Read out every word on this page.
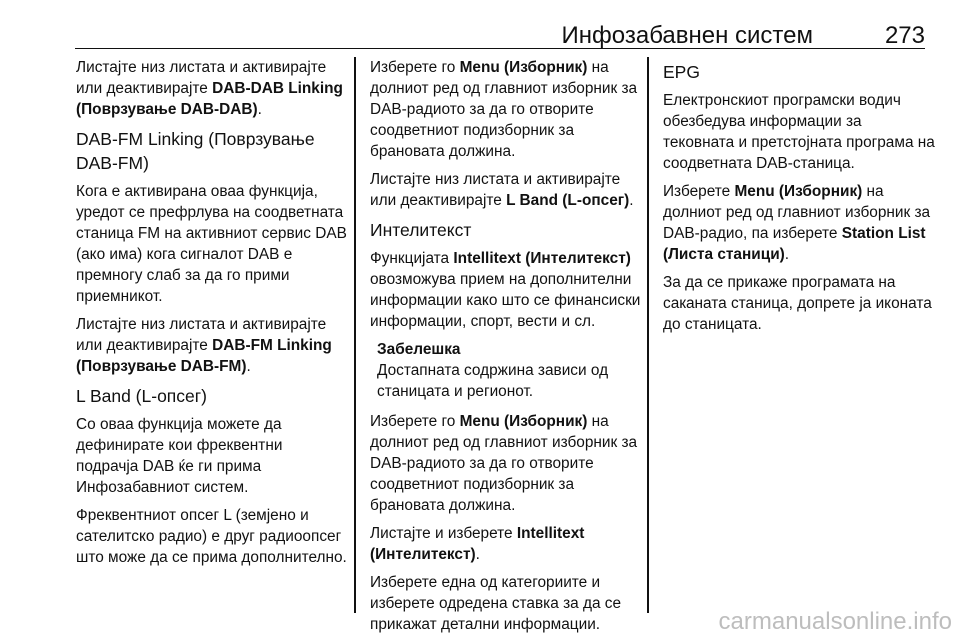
Инфозабавнен систем	273

Листајте низ листата и активирајте или деактивирајте DAB-DAB Linking (Поврзување DAB-DAB).

DAB-FM Linking (Поврзување DAB-FM)

Кога е активирана оваа функција, уредот се префрлува на соодветната станица FM на активниот сервис DAB (ако има) кога сигналот DAB е премногу слаб за да го прими приемникот.

Листајте низ листата и активирајте или деактивирајте DAB-FM Linking (Поврзување DAB-FM).

L Band (L-опсег)

Со оваа функција можете да дефинирате кои фреквентни подрачја DAB ќе ги прима Инфозабавниот систем.

Фреквентниот опсег L (земјено и сателитско радио) е друг радиоопсег што може да се прима дополнително.

Изберете го Menu (Изборник) на долниот ред од главниот изборник за DAB-радиото за да го отворите соодветниот подизборник за брановата должина.

Листајте низ листата и активирајте или деактивирајте L Band (L-опсег).

Интелитекст

Функцијата Intellitext (Интелитекст) овозможува прием на дополнителни информации како што се финансиски информации, спорт, вести и сл.

Забелешка
Достапната содржина зависи од станицата и регионот.

Изберете го Menu (Изборник) на долниот ред од главниот изборник за DAB-радиото за да го отворите соодветниот подизборник за брановата должина.

Листајте и изберете Intellitext (Интелитекст).

Изберете една од категориите и изберете одредена ставка за да се прикажат детални информации.

EPG

Електронскиот програмски водич обезбедува информации за тековната и претстојната програма на соодветната DAB-станица.

Изберете Menu (Изборник) на долниот ред од главниот изборник за DAB-радио, па изберете Station List (Листа станици).

За да се прикаже програмата на сакaната станица, допрете ја иконата до станицата.

carmanualsonline.info
